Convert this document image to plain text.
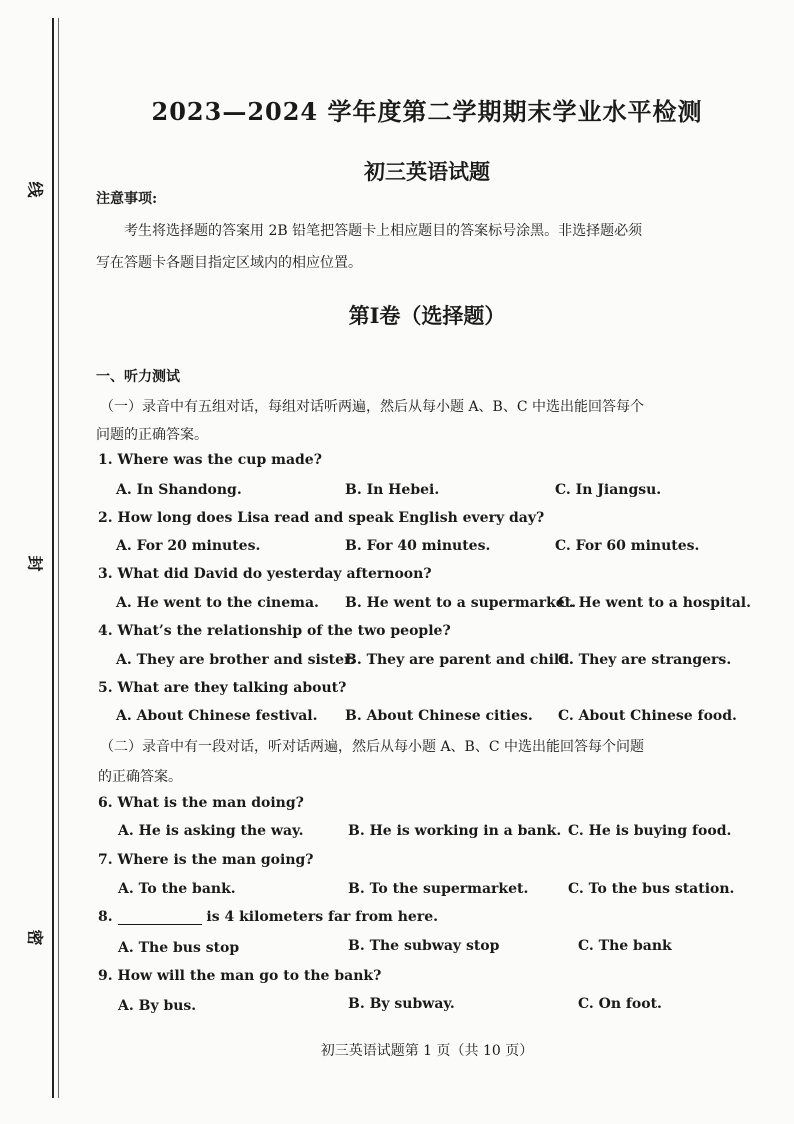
线
封
密
2023—2024 学年度第二学期期末学业水平检测
初三英语试题
注意事项:
考生将选择题的答案用 2B 铅笔把答题卡上相应题目的答案标号涂黑。非选择题必须
写在答题卡各题目指定区域内的相应位置。
第Ⅰ卷（选择题）
一、听力测试
（一）录音中有五组对话，每组对话听两遍，然后从每小题 A、B、C 中选出能回答每个
问题的正确答案。
1. Where was the cup made?
A. In Shandong.	B. In Hebei.	C. In Jiangsu.
2. How long does Lisa read and speak English every day?
A. For 20 minutes.	B. For 40 minutes.	C. For 60 minutes.
3. What did David do yesterday afternoon?
A. He went to the cinema. B. He went to a supermarket.
C. He went to a hospital.
4. What’s the relationship of the two people?
A. They are brother and sister.
B. They are parent and child.
C. They are strangers.
5. What are they talking about?
A. About Chinese festival. B. About Chinese cities. C. About Chinese food.
（二）录音中有一段对话，听对话两遍，然后从每小题 A、B、C 中选出能回答每个问题
的正确答案。
6. What is the man doing?
A. He is asking the way.	B. He is working in a bank. C. He is buying food.
7. Where is the man going?
A. To the bank.	B. To the supermarket.	C. To the bus station.
8.	is 4 kilometers far from here.
A. The bus stop	B. The subway stop	C. The bank
9. How will the man go to the bank?
A. By bus.	B. By subway.	C. On foot.
初三英语试题第 1 页（共 10 页）
